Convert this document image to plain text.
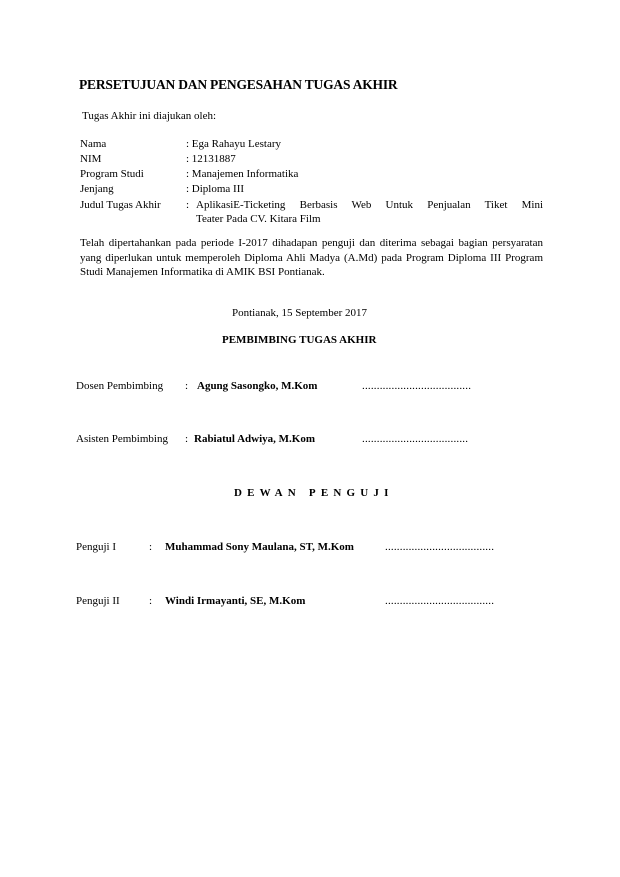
PERSETUJUAN DAN PENGESAHAN TUGAS AKHIR
Tugas Akhir ini diajukan oleh:
Nama	: Ega Rahayu Lestary
NIM	: 12131887
Program Studi	: Manajemen Informatika
Jenjang	: Diploma III
Judul Tugas Akhir : AplikasiE-Ticketing Berbasis Web Untuk Penjualan Tiket Mini
Teater Pada CV. Kitara Film
Telah dipertahankan pada periode I-2017 dihadapan penguji dan diterima sebagai bagian persyaratan yang diperlukan untuk memperoleh Diploma Ahli Madya (A.Md) pada Program Diploma III Program Studi Manajemen Informatika di AMIK BSI Pontianak.
Pontianak, 15 September 2017
PEMBIMBING TUGAS AKHIR
Dosen Pembimbing : Agung Sasongko, M.Kom	.....................................
Asisten Pembimbing : Rabiatul Adwiya, M.Kom	....................................
DEWAN PENGUJI
Penguji I	: Muhammad Sony Maulana, ST, M.Kom	.....................................
Penguji II	: Windi Irmayanti, SE, M.Kom	.....................................
